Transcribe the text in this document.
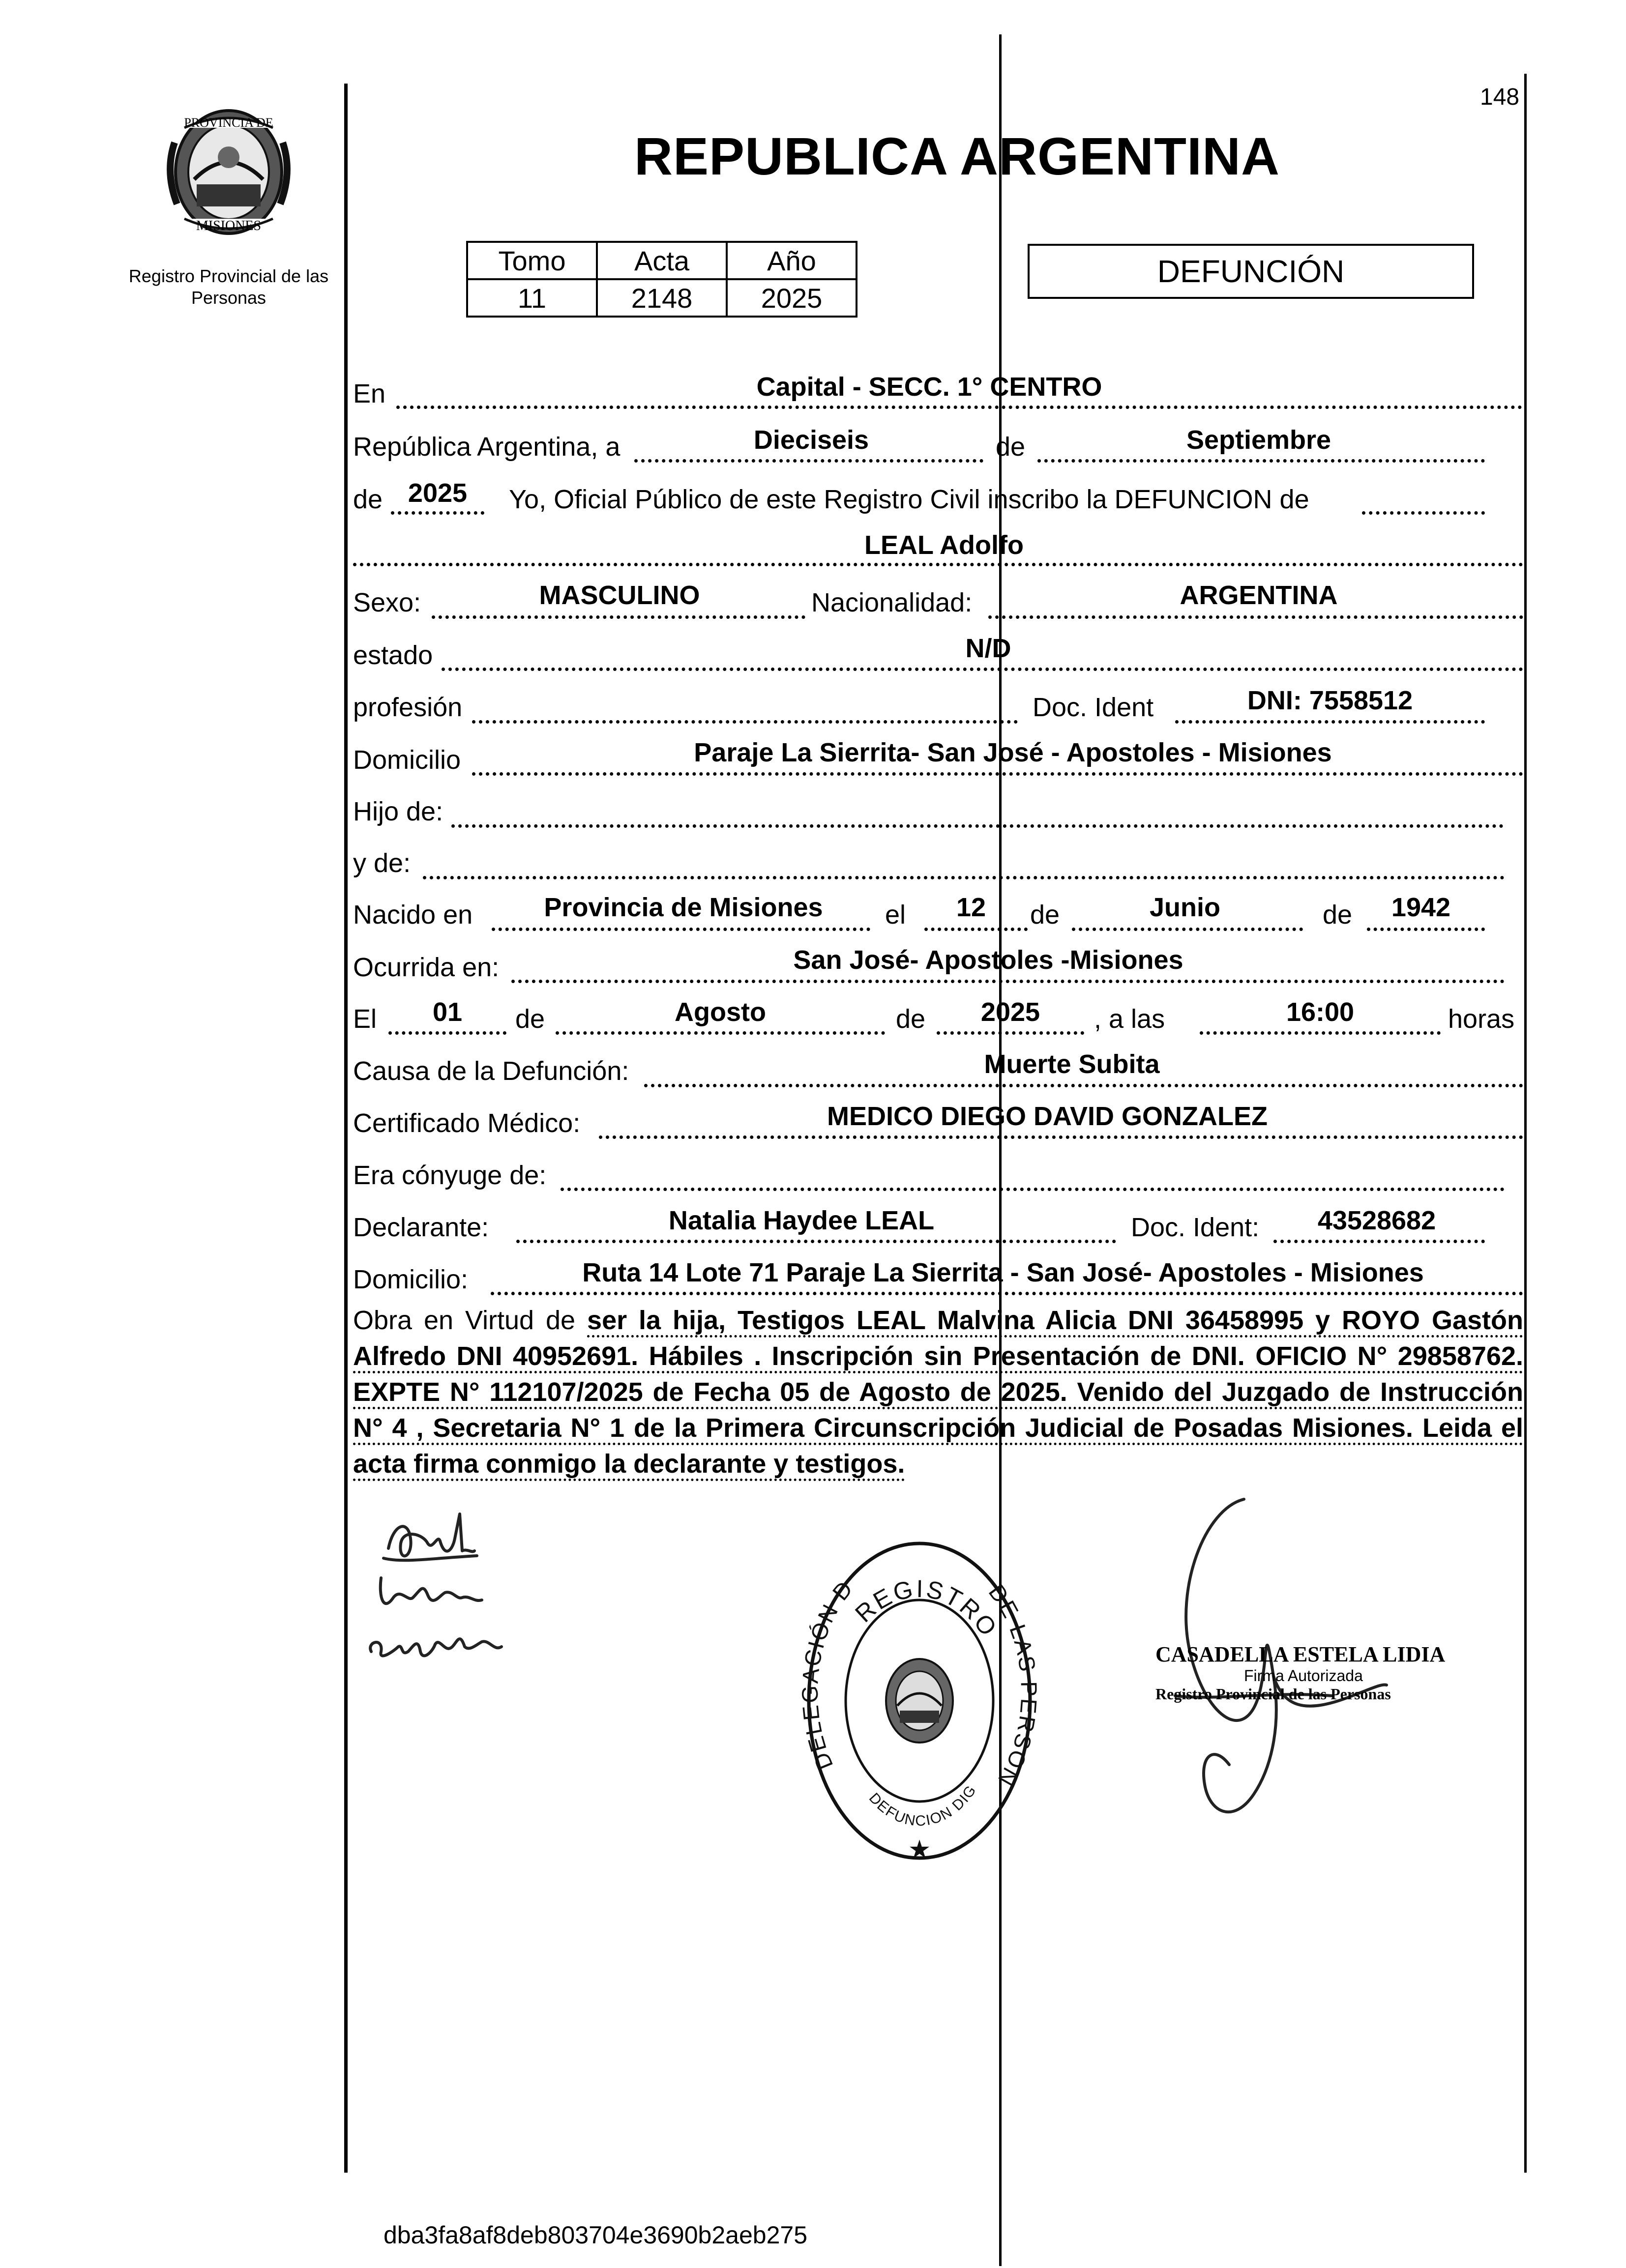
148
PROVINCIA DE
MISIONES
Registro Provincial de las Personas
REPUBLICA ARGENTINA
Tomo	Acta	Año
11	2148	2025
DEFUNCIÓN
En	Capital - SECC. 1° CENTRO
República Argentina, a	Dieciseis	de	Septiembre
de 2025	Yo, Oficial Público de este Registro Civil inscribo la DEFUNCION de
LEAL Adolfo
Sexo:	MASCULINO	Nacionalidad:	ARGENTINA
estado	N/D
profesión	Doc. Ident	DNI: 7558512
Domicilio	Paraje La Sierrita- San José - Apostoles - Misiones
Hijo de:
y de:
Nacido en	Provincia de Misiones	el	12	de	Junio	de	1942
Ocurrida en:	San José- Apostoles -Misiones
El	01	de	Agosto	de	2025	, a las	16:00	horas
Causa de la Defunción:	Muerte Subita
Certificado Médico:	MEDICO DIEGO DAVID GONZALEZ
Era cónyuge de:
Declarante:	Natalia Haydee LEAL	Doc. Ident:	43528682
Domicilio:	Ruta 14 Lote 71 Paraje La Sierrita - San José- Apostoles - Misiones
Obra en Virtud de ser la hija, Testigos LEAL Malvina Alicia DNI 36458995 y ROYO Gastón Alfredo DNI 40952691. Hábiles . Inscripción sin Presentación de DNI. OFICIO N° 29858762. EXPTE N° 112107/2025 de Fecha 05 de Agosto de 2025. Venido del Juzgado de Instrucción N° 4 , Secretaria N° 1 de la Primera Circunscripción Judicial de Posadas Misiones. Leida el acta firma conmigo la declarante y testigos.
REGISTRO
DELEGACIÓN D	DE LAS PERSON
DEFUNCION DIG
★
CASADELLA ESTELA LIDIA
Firma Autorizada
Registro Provincial de las Personas
dba3fa8af8deb803704e3690b2aeb275
